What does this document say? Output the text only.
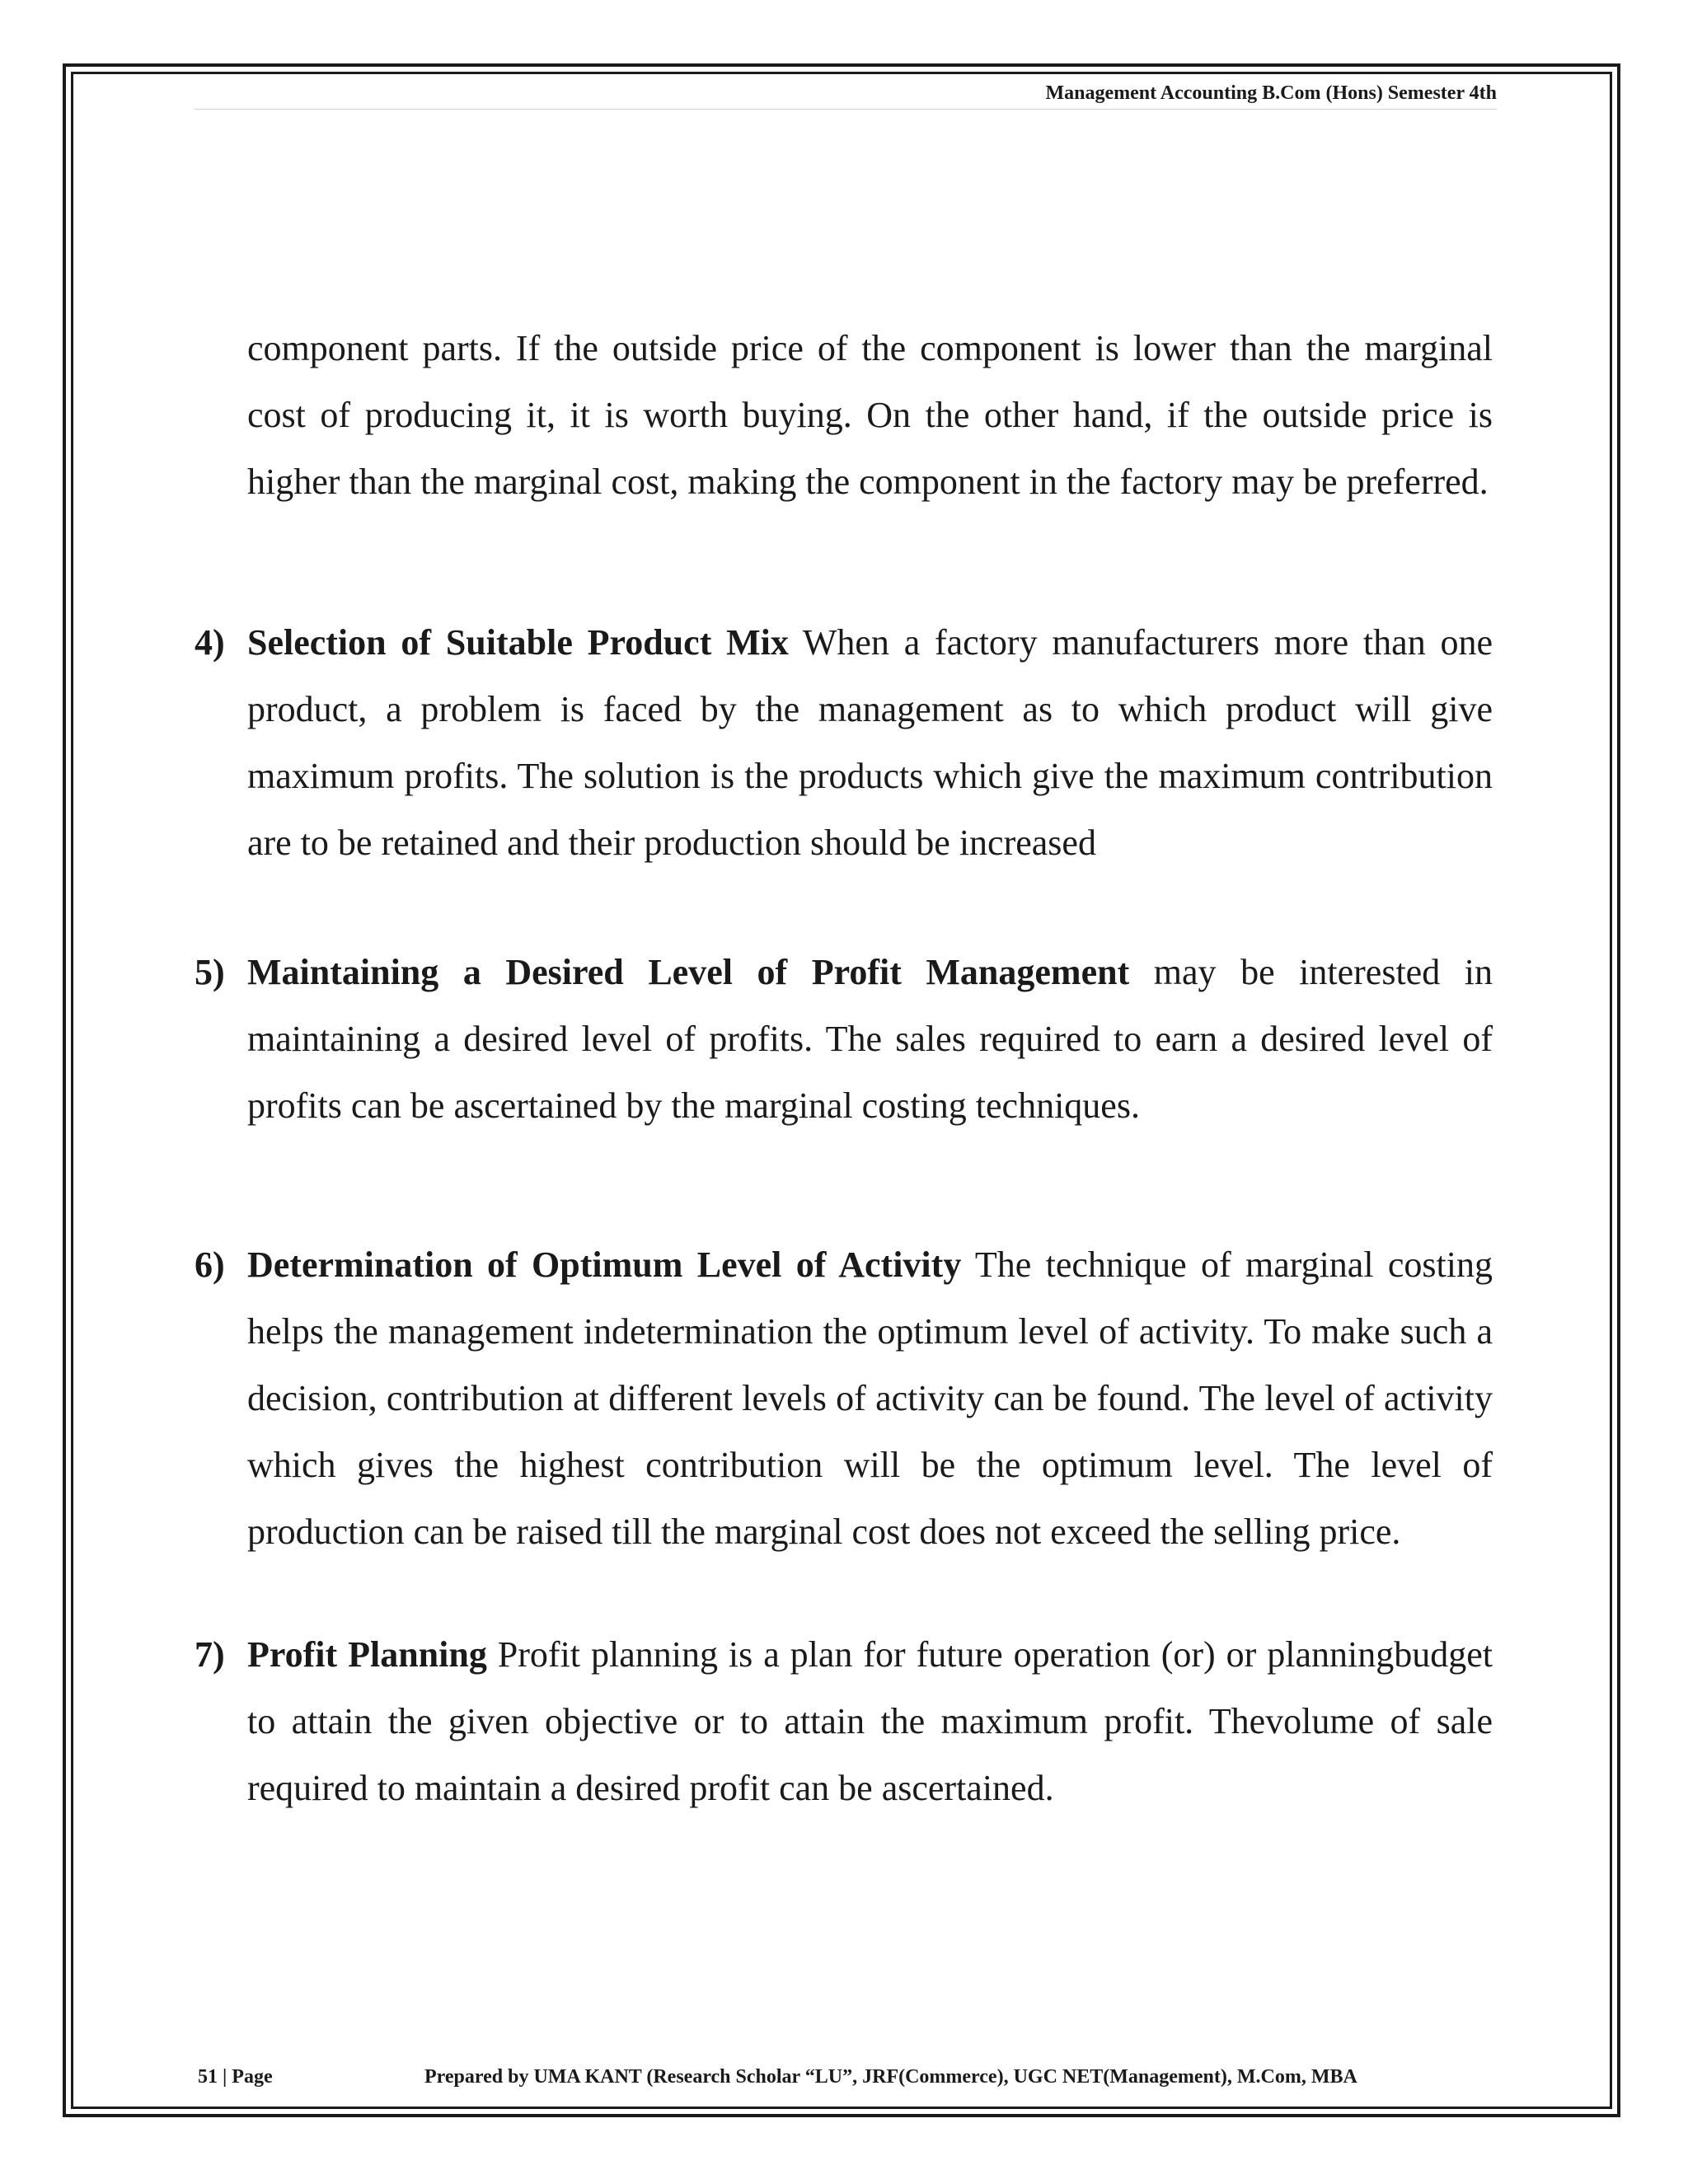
Management Accounting B.Com (Hons) Semester 4th

component parts. If the outside price of the component is lower than the marginal cost of producing it, it is worth buying. On the other hand, if the outside price is higher than the marginal cost, making the component in the factory may be preferred.

4) Selection of Suitable Product Mix When a factory manufacturers more than one product, a problem is faced by the management as to which product will give maximum profits. The solution is the products which give the maximum contribution are to be retained and their production should be increased
5) Maintaining a Desired Level of Profit Management may be interested in maintaining a desired level of profits. The sales required to earn a desired level of profits can be ascertained by the marginal costing techniques.
6) Determination of Optimum Level of Activity The technique of marginal costing helps the management indetermination the optimum level of activity. To make such a decision, contribution at different levels of activity can be found. The level of activity which gives the highest contribution will be the optimum level. The level of production can be raised till the marginal cost does not exceed the selling price.
7) Profit Planning Profit planning is a plan for future operation (or) or planningbudget to attain the given objective or to attain the maximum profit. Thevolume of sale required to maintain a desired profit can be ascertained.
51 | Page	Prepared by UMA KANT (Research Scholar “LU”, JRF(Commerce), UGC NET(Management), M.Com, MBA
